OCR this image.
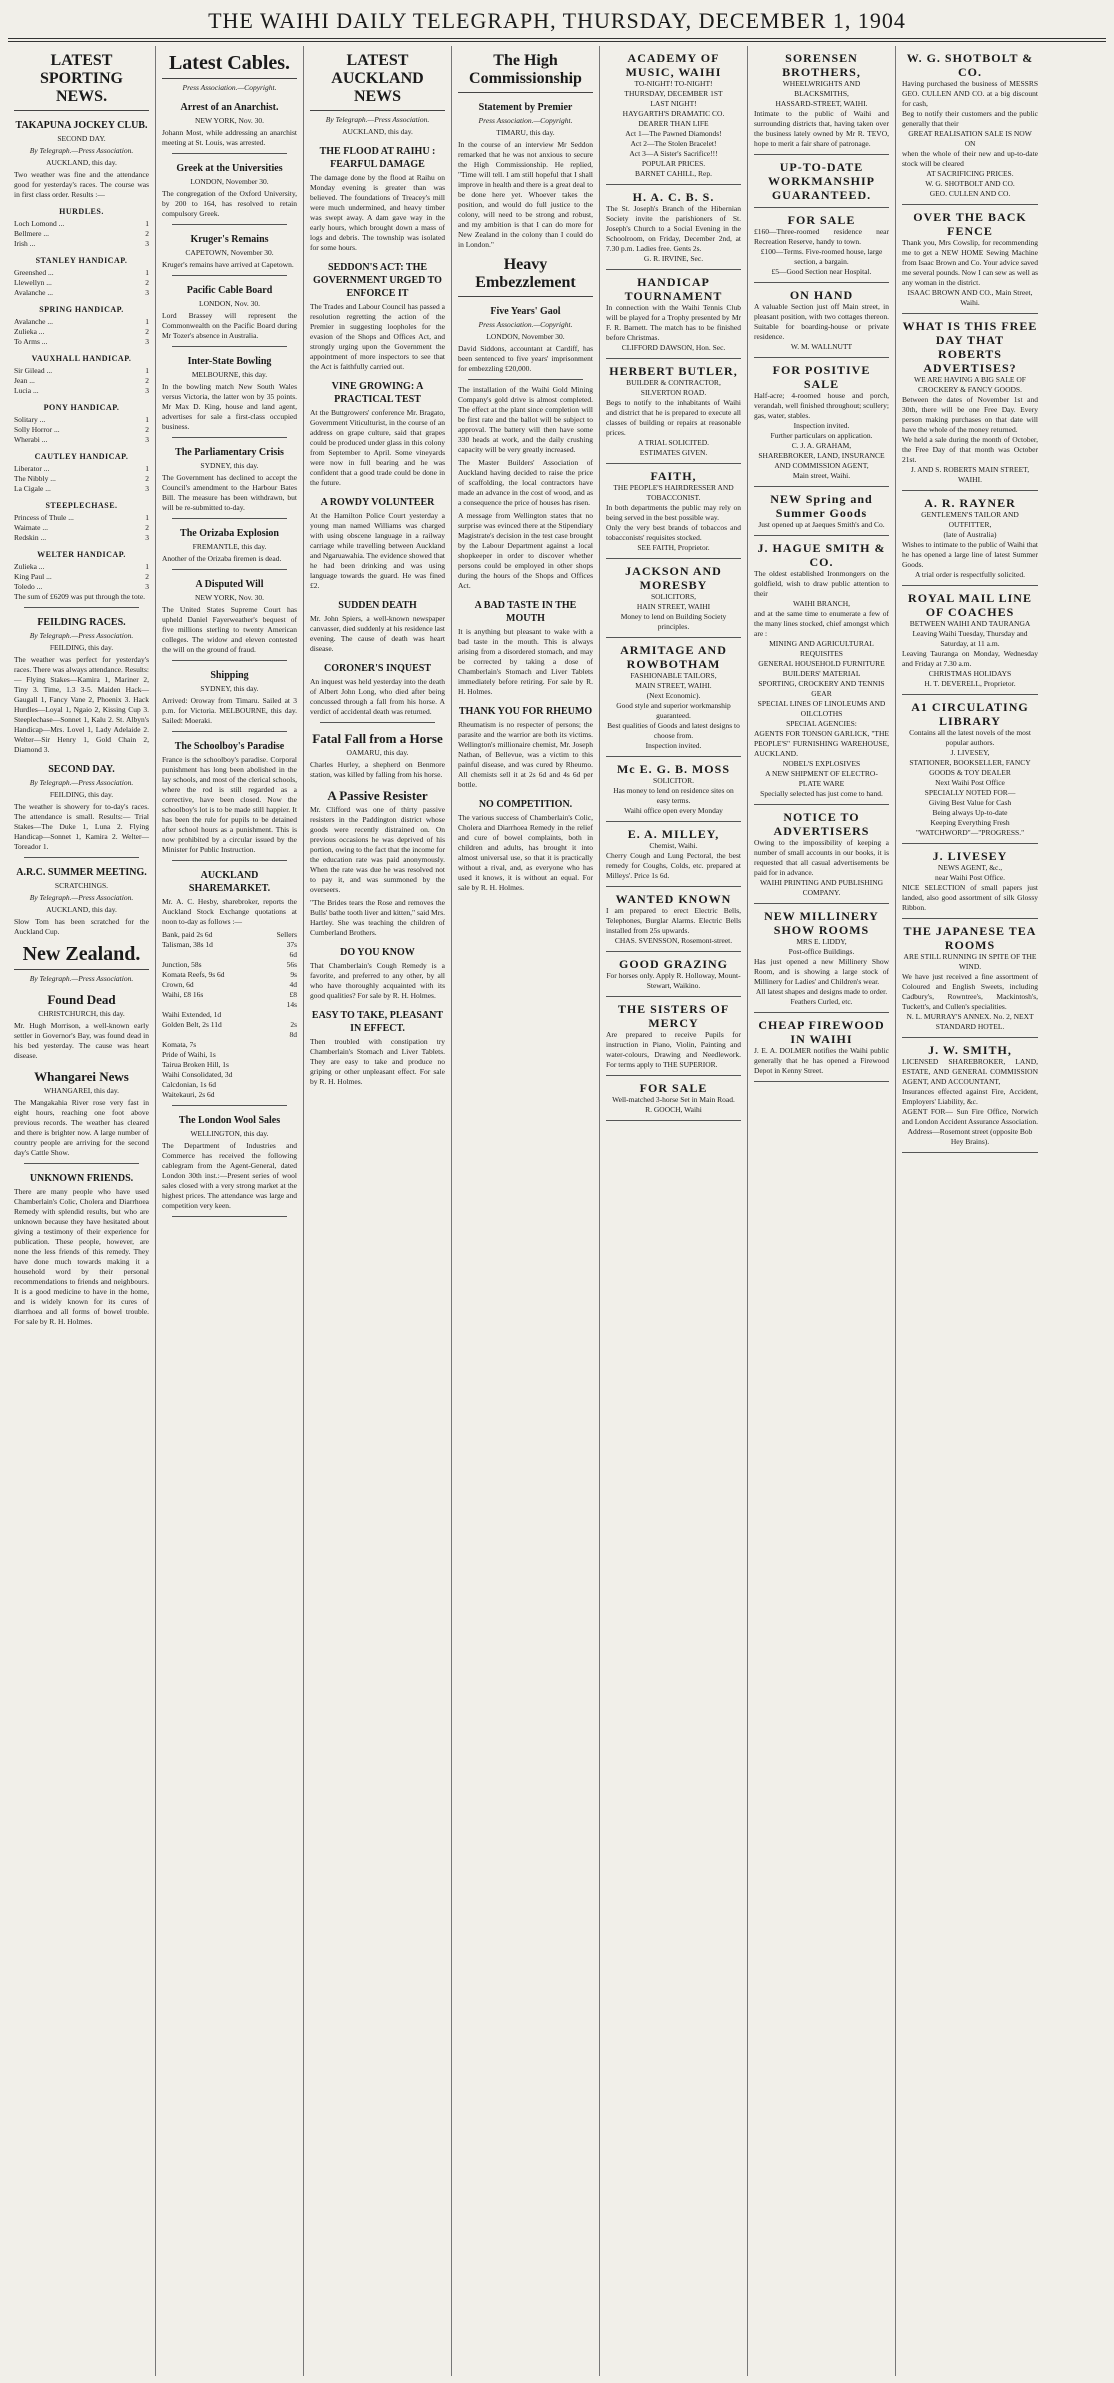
THE WAIHI DAILY TELEGRAPH, THURSDAY, DECEMBER 1, 1904
LATEST SPORTING NEWS.
TAKAPUNA JOCKEY CLUB.
SECOND DAY.
By Telegraph.—Press Association.
AUCKLAND, this day.
Two weather was fine and the attendance good for yesterday's races. The course was in first class order. Results :—
HURDLES.
Loch Lomond ...	1
Bellmere ...	2
Irish ...	3
STANLEY HANDICAP.
Greenshed ...	1
Llewellyn ...	2
Avalanche ...	3
SPRING HANDICAP.
Avalanche ...	1
Zulieka ...	2
To Arms ...	3
VAUXHALL HANDICAP.
Sir Gilead ...	1
Jean ...	2
Lucia ...	3
PONY HANDICAP.
Solitary ...	1
Solly Horror ...	2
Wherabi ...	3
CAUTLEY HANDICAP.
Liberator ...	1
The Nibbly ...	2
La Cigale ...	3
STEEPLECHASE.
Princess of Thule ...	1
Waimate ...	2
Redskin ...	3
WELTER HANDICAP.
Zulieka ...	1
King Paul ...	2
Toledo ...	3
The sum of £6209 was put through the tote.
FEILDING RACES.
By Telegraph.—Press Association.
FEILDING, this day.
The weather was perfect for yesterday's races. There was always attendance. Results:— Flying Stakes—Kamira 1, Mariner 2, Tiny 3. Time, 1.3 3-5. Maiden Hack—Gaugall 1, Fancy Vane 2, Phoenix 3. Hack Hurdles—Loyal 1, Ngaio 2, Kissing Cup 3. Steeplechase—Sonnet 1, Kalu 2. St. Albyn's Handicap—Mrs. Lovel 1, Lady Adelaide 2. Welter—Sir Henry 1, Gold Chain 2, Diamond 3.
SECOND DAY.
By Telegraph.—Press Association.
FEILDING, this day.
The weather is showery for to-day's races. The attendance is small. Results:— Trial Stakes—The Duke 1, Luna 2. Flying Handicap—Sonnet 1, Kamira 2. Welter—Toreador 1.
A.R.C. SUMMER MEETING.
SCRATCHINGS.
By Telegraph.—Press Association.
AUCKLAND, this day.
Slow Tom has been scratched for the Auckland Cup.
New Zealand.
By Telegraph.—Press Association.
Found Dead
CHRISTCHURCH, this day.
Mr. Hugh Morrison, a well-known early settler in Governor's Bay, was found dead in his bed yesterday. The cause was heart disease.
Whangarei News
WHANGAREI, this day.
The Mangakahia River rose very fast in eight hours, reaching one foot above previous records. The weather has cleared and there is brighter now. A large number of country people are arriving for the second day's Cattle Show.
UNKNOWN FRIENDS.
There are many people who have used Chamberlain's Colic, Cholera and Diarrhoea Remedy with splendid results, but who are unknown because they have hesitated about giving a testimony of their experience for publication. These people, however, are none the less friends of this remedy. They have done much towards making it a household word by their personal recommendations to friends and neighbours. It is a good medicine to have in the home, and is widely known for its cures of diarrhoea and all forms of bowel trouble. For sale by R. H. Holmes.
Latest Cables.
Press Association.—Copyright.
Arrest of an Anarchist.
NEW YORK, Nov. 30.
Johann Most, while addressing an anarchist meeting at St. Louis, was arrested.
Greek at the Universities
LONDON, November 30.
The congregation of the Oxford University, by 200 to 164, has resolved to retain compulsory Greek.
Kruger's Remains
CAPETOWN, November 30.
Kruger's remains have arrived at Capetown.
Pacific Cable Board
LONDON, Nov. 30.
Lord Brassey will represent the Commonwealth on the Pacific Board during Mr Tozer's absence in Australia.
Inter-State Bowling
MELBOURNE, this day.
In the bowling match New South Wales versus Victoria, the latter won by 35 points. Mr Max D. King, house and land agent, advertises for sale a first-class occupied business.
The Parliamentary Crisis
SYDNEY, this day.
The Government has declined to accept the Council's amendment to the Harbour Bates Bill. The measure has been withdrawn, but will be re-submitted to-day.
The Orizaba Explosion
FREMANTLE, this day.
Another of the Orizaba firemen is dead.
A Disputed Will
NEW YORK, Nov. 30.
The United States Supreme Court has upheld Daniel Fayerweather's bequest of five millions sterling to twenty American colleges. The widow and eleven contested the will on the ground of fraud.
Shipping
SYDNEY, this day.
Arrived: Oroway from Timaru. Sailed at 3 p.m. for Victoria. MELBOURNE, this day. Sailed: Moeraki.
The Schoolboy's Paradise
France is the schoolboy's paradise. Corporal punishment has long been abolished in the lay schools, and most of the clerical schools, where the rod is still regarded as a corrective, have been closed. Now the schoolboy's lot is to be made still happier. It has been the rule for pupils to be detained after school hours as a punishment. This is now prohibited by a circular issued by the Minister for Public Instruction.
AUCKLAND SHAREMARKET.
Mr. A. C. Hesby, sharebroker, reports the Auckland Stock Exchange quotations at noon to-day as follows :—
Bank, paid 2s 6d	Sellers
Talisman, 38s 1d	37s 6d
Junction, 58s	56s
Komata Reefs, 9s 6d	9s
Crown, 6d	4d
Waihi, £8 16s	£8 14s
Waihi Extended, 1d
Golden Belt, 2s 11d	2s 8d
Komata, 7s
Pride of Waihi, 1s
Tairua Broken Hill, 1s
Waihi Consolidated, 3d
Calcdonian, 1s 6d
Waitekauri, 2s 6d
The London Wool Sales
WELLINGTON, this day.
The Department of Industries and Commerce has received the following cablegram from the Agent-General, dated London 30th inst.:—Present series of wool sales closed with a very strong market at the highest prices. The attendance was large and competition very keen.
LATEST AUCKLAND NEWS
By Telegraph.—Press Association.
AUCKLAND, this day.
THE FLOOD AT RAIHU : FEARFUL DAMAGE
The damage done by the flood at Raihu on Monday evening is greater than was believed. The foundations of Treacey's mill were much undermined, and heavy timber was swept away. A dam gave way in the early hours, which brought down a mass of logs and debris. The township was isolated for some hours.
SEDDON'S ACT: THE GOVERNMENT URGED TO ENFORCE IT
The Trades and Labour Council has passed a resolution regretting the action of the Premier in suggesting loopholes for the evasion of the Shops and Offices Act, and strongly urging upon the Government the appointment of more inspectors to see that the Act is faithfully carried out.
VINE GROWING: A PRACTICAL TEST
At the Buttgrowers' conference Mr. Bragato, Government Viticulturist, in the course of an address on grape culture, said that grapes could be produced under glass in this colony from September to April. Some vineyards were now in full bearing and he was confident that a good trade could be done in the future.
A ROWDY VOLUNTEER
At the Hamilton Police Court yesterday a young man named Williams was charged with using obscene language in a railway carriage while travelling between Auckland and Ngaruawahia. The evidence showed that he had been drinking and was using language towards the guard. He was fined £2.
SUDDEN DEATH
Mr. John Spiers, a well-known newspaper canvasser, died suddenly at his residence last evening. The cause of death was heart disease.
CORONER'S INQUEST
An inquest was held yesterday into the death of Albert John Long, who died after being concussed through a fall from his horse. A verdict of accidental death was returned.
Fatal Fall from a Horse
OAMARU, this day.
Charles Hurley, a shepherd on Benmore station, was killed by falling from his horse.
A Passive Resister
Mr. Clifford was one of thirty passive resisters in the Paddington district whose goods were recently distrained on. On previous occasions he was deprived of his portion, owing to the fact that the income for the education rate was paid anonymously. When the rate was due he was resolved not to pay it, and was summoned by the overseers.
"The Brides tears the Rose and removes the Bulls' bathe tooth liver and kitten," said Mrs. Hartley. She was teaching the children of Cumberland Brothers.
DO YOU KNOW
That Chamberlain's Cough Remedy is a favorite, and preferred to any other, by all who have thoroughly acquainted with its good qualities? For sale by R. H. Holmes.
EASY TO TAKE, PLEASANT IN EFFECT.
Then troubled with constipation try Chamberlain's Stomach and Liver Tablets. They are easy to take and produce no griping or other unpleasant effect. For sale by R. H. Holmes.
The High Commissionship
Statement by Premier
Press Association.—Copyright.
TIMARU, this day.
In the course of an interview Mr Seddon remarked that he was not anxious to secure the High Commissionship. He replied, "Time will tell. I am still hopeful that I shall improve in health and there is a great deal to be done here yet. Whoever takes the position, and would do full justice to the colony, will need to be strong and robust, and my ambition is that I can do more for New Zealand in the colony than I could do in London."
Heavy Embezzlement
Five Years' Gaol
Press Association.—Copyright.
LONDON, November 30.
David Siddons, accountant at Cardiff, has been sentenced to five years' imprisonment for embezzling £20,000.
The installation of the Waihi Gold Mining Company's gold drive is almost completed. The effect at the plant since completion will be first rate and the ballot will be subject to approval. The battery will then have some 330 heads at work, and the daily crushing capacity will be very greatly increased.
The Master Builders' Association of Auckland having decided to raise the price of scaffolding, the local contractors have made an advance in the cost of wood, and as a consequence the price of houses has risen.
A message from Wellington states that no surprise was evinced there at the Stipendiary Magistrate's decision in the test case brought by the Labour Department against a local shopkeeper in order to discover whether persons could be employed in other shops during the hours of the Shops and Offices Act.
A BAD TASTE IN THE MOUTH
It is anything but pleasant to wake with a bad taste in the mouth. This is always arising from a disordered stomach, and may be corrected by taking a dose of Chamberlain's Stomach and Liver Tablets immediately before retiring. For sale by R. H. Holmes.
THANK YOU FOR RHEUMO
Rheumatism is no respecter of persons; the parasite and the warrior are both its victims. Wellington's millionaire chemist, Mr. Joseph Nathan, of Bellevue, was a victim to this painful disease, and was cured by Rheumo. All chemists sell it at 2s 6d and 4s 6d per bottle.
NO COMPETITION.
The various success of Chamberlain's Colic, Cholera and Diarrhoea Remedy in the relief and cure of bowel complaints, both in children and adults, has brought it into almost universal use, so that it is practically without a rival, and, as everyone who has used it knows, it is without an equal. For sale by R. H. Holmes.
ACADEMY OF MUSIC, WAIHI
TO-NIGHT! TO-NIGHT!
THURSDAY, DECEMBER 1ST
LAST NIGHT!
HAYGARTH'S DRAMATIC CO.
DEARER THAN LIFE
Act 1—The Pawned Diamonds!
Act 2—The Stolen Bracelet!
Act 3—A Sister's Sacrifice!!!
POPULAR PRICES.
BARNET CAHILL, Rep.
H. A. C. B. S.
The St. Joseph's Branch of the Hibernian Society invite the parishioners of St. Joseph's Church to a Social Evening in the Schoolroom, on Friday, December 2nd, at 7.30 p.m. Ladies free. Gents 2s.
G. R. IRVINE, Sec.
HANDICAP TOURNAMENT
In connection with the Waihi Tennis Club will be played for a Trophy presented by Mr F. R. Barnett. The match has to be finished before Christmas.
CLIFFORD DAWSON, Hon. Sec.
HERBERT BUTLER,
BUILDER & CONTRACTOR,
SILVERTON ROAD.
Begs to notify to the inhabitants of Waihi and district that he is prepared to execute all classes of building or repairs at reasonable prices.
A TRIAL SOLICITED.
ESTIMATES GIVEN.
FAITH,
THE PEOPLE'S HAIRDRESSER AND TOBACCONIST.
In both departments the public may rely on being served in the best possible way.
Only the very best brands of tobaccos and tobacconists' requisites stocked.
SEE FAITH, Proprietor.
JACKSON AND MORESBY
SOLICITORS,
HAIN STREET, WAIHI
Money to lend on Building Society principles.
ARMITAGE AND ROWBOTHAM
FASHIONABLE TAILORS,
MAIN STREET, WAIHI.
(Next Economic).
Good style and superior workmanship guaranteed.
Best qualities of Goods and latest designs to choose from.
Inspection invited.
Mc E. G. B. MOSS
SOLICITOR.
Has money to lend on residence sites on easy terms.
Waihi office open every Monday
E. A. MILLEY,
Chemist, Waihi.
Cherry Cough and Lung Pectoral, the best remedy for Coughs, Colds, etc. prepared at Milleys'. Price 1s 6d.
WANTED KNOWN
I am prepared to erect Electric Bells, Telephones, Burglar Alarms. Electric Bells installed from 25s upwards.
CHAS. SVENSSON, Rosemont-street.
GOOD GRAZING
For horses only. Apply R. Holloway, Mount-Stewart, Waikino.
THE SISTERS OF MERCY
Are prepared to receive Pupils for instruction in Piano, Violin, Painting and water-colours, Drawing and Needlework. For terms apply to THE SUPERIOR.
FOR SALE
Well-matched 3-horse Set in Main Road.
R. GOOCH, Waihi
SORENSEN BROTHERS,
WHEELWRIGHTS AND
BLACKSMITHS,
HASSARD-STREET, WAIHI.
Intimate to the public of Waihi and surrounding districts that, having taken over the business lately owned by Mr R. TEVO, hope to merit a fair share of patronage.
UP-TO-DATE WORKMANSHIP GUARANTEED.
FOR SALE
£160—Three-roomed residence near Recreation Reserve, handy to town.
£100—Terms. Five-roomed house, large section, a bargain.
£5—Good Section near Hospital.
ON HAND
A valuable Section just off Main street, in pleasant position, with two cottages thereon. Suitable for boarding-house or private residence.
W. M. WALLNUTT
FOR POSITIVE SALE
Half-acre; 4-roomed house and porch, verandah, well finished throughout; scullery; gas, water, stables.
Inspection invited.
Further particulars on application.
C. J. A. GRAHAM,
SHAREBROKER, LAND, INSURANCE AND COMMISSION AGENT,
Main street, Waihi.
NEW Spring and Summer Goods
Just opened up at Jaeques Smith's and Co.
J. HAGUE SMITH & CO.
The oldest established Ironmongers on the goldfield, wish to draw public attention to their
WAIHI BRANCH,
and at the same time to enumerate a few of the many lines stocked, chief amongst which are :
MINING AND AGRICULTURAL REQUISITES
GENERAL HOUSEHOLD FURNITURE
BUILDERS' MATERIAL
SPORTING, CROCKERY AND TENNIS GEAR
SPECIAL LINES OF LINOLEUMS AND OILCLOTHS
SPECIAL AGENCIES:
AGENTS FOR TONSON GARLICK, "THE PEOPLE'S" FURNISHING WAREHOUSE, AUCKLAND.
NOBEL'S EXPLOSIVES
A NEW SHIPMENT OF ELECTRO-PLATE WARE
Specially selected has just come to hand.
NOTICE TO ADVERTISERS
Owing to the impossibility of keeping a number of small accounts in our books, it is requested that all casual advertisements be paid for in advance.
WAIHI PRINTING AND PUBLISHING COMPANY.
NEW MILLINERY SHOW ROOMS
MRS E. LIDDY,
Post-office Buildings.
Has just opened a new Millinery Show Room, and is showing a large stock of Millinery for Ladies' and Children's wear.
All latest shapes and designs made to order.
Feathers Curled, etc.
CHEAP FIREWOOD IN WAIHI
J. E. A. DOLMER notifies the Waihi public generally that he has opened a Firewood Depot in Kenny Street.
W. G. SHOTBOLT & CO.
Having purchased the business of MESSRS GEO. CULLEN AND CO. at a big discount for cash,
Beg to notify their customers and the public generally that their
GREAT REALISATION SALE IS NOW ON
when the whole of their new and up-to-date stock will be cleared
AT SACRIFICING PRICES.
W. G. SHOTBOLT AND CO.
GEO. CULLEN AND CO.
OVER THE BACK FENCE
Thank you, Mrs Cowslip, for recommending me to get a NEW HOME Sewing Machine from Isaac Brown and Co. Your advice saved me several pounds. Now I can sew as well as any woman in the district.
ISAAC BROWN AND CO., Main Street, Waihi.
WHAT IS THIS FREE DAY THAT ROBERTS ADVERTISES?
WE ARE HAVING A BIG SALE OF CROCKERY & FANCY GOODS.
Between the dates of November 1st and 30th, there will be one Free Day. Every person making purchases on that date will have the whole of the money returned.
We held a sale during the month of October, the Free Day of that month was October 21st.
J. AND S. ROBERTS MAIN STREET, WAIHI.
A. R. RAYNER
GENTLEMEN'S TAILOR AND OUTFITTER,
(late of Australia)
Wishes to intimate to the public of Waihi that he has opened a large line of latest Summer Goods.
A trial order is respectfully solicited.
ROYAL MAIL LINE OF COACHES
BETWEEN WAIHI AND TAURANGA
Leaving Waihi Tuesday, Thursday and Saturday, at 11 a.m.
Leaving Tauranga on Monday, Wednesday and Friday at 7.30 a.m.
CHRISTMAS HOLIDAYS
H. T. DEVERELL, Proprietor.
A1 CIRCULATING LIBRARY
Contains all the latest novels of the most popular authors.
J. LIVESEY,
STATIONER, BOOKSELLER, FANCY GOODS & TOY DEALER
Next Waihi Post Office
SPECIALLY NOTED FOR—
Giving Best Value for Cash
Being always Up-to-date
Keeping Everything Fresh
"WATCHWORD"—"PROGRESS."
J. LIVESEY
NEWS AGENT, &c.,
near Waihi Post Office.
NICE SELECTION of small papers just landed, also good assortment of silk Glossy Ribbon.
THE JAPANESE TEA ROOMS
ARE STILL RUNNING IN SPITE OF THE WIND.
We have just received a fine assortment of Coloured and English Sweets, including Cadbury's, Rowntree's, Mackintosh's, Tuckett's, and Cullen's specialities.
N. L. MURRAY'S ANNEX. No. 2, NEXT STANDARD HOTEL.
J. W. SMITH,
LICENSED SHAREBROKER, LAND, ESTATE, AND GENERAL COMMISSION AGENT, AND ACCOUNTANT,
Insurances effected against Fire, Accident, Employers' Liability, &c.
AGENT FOR— Sun Fire Office, Norwich and London Accident Assurance Association.
Address—Rosemont street (opposite Bob Hey Brains).
